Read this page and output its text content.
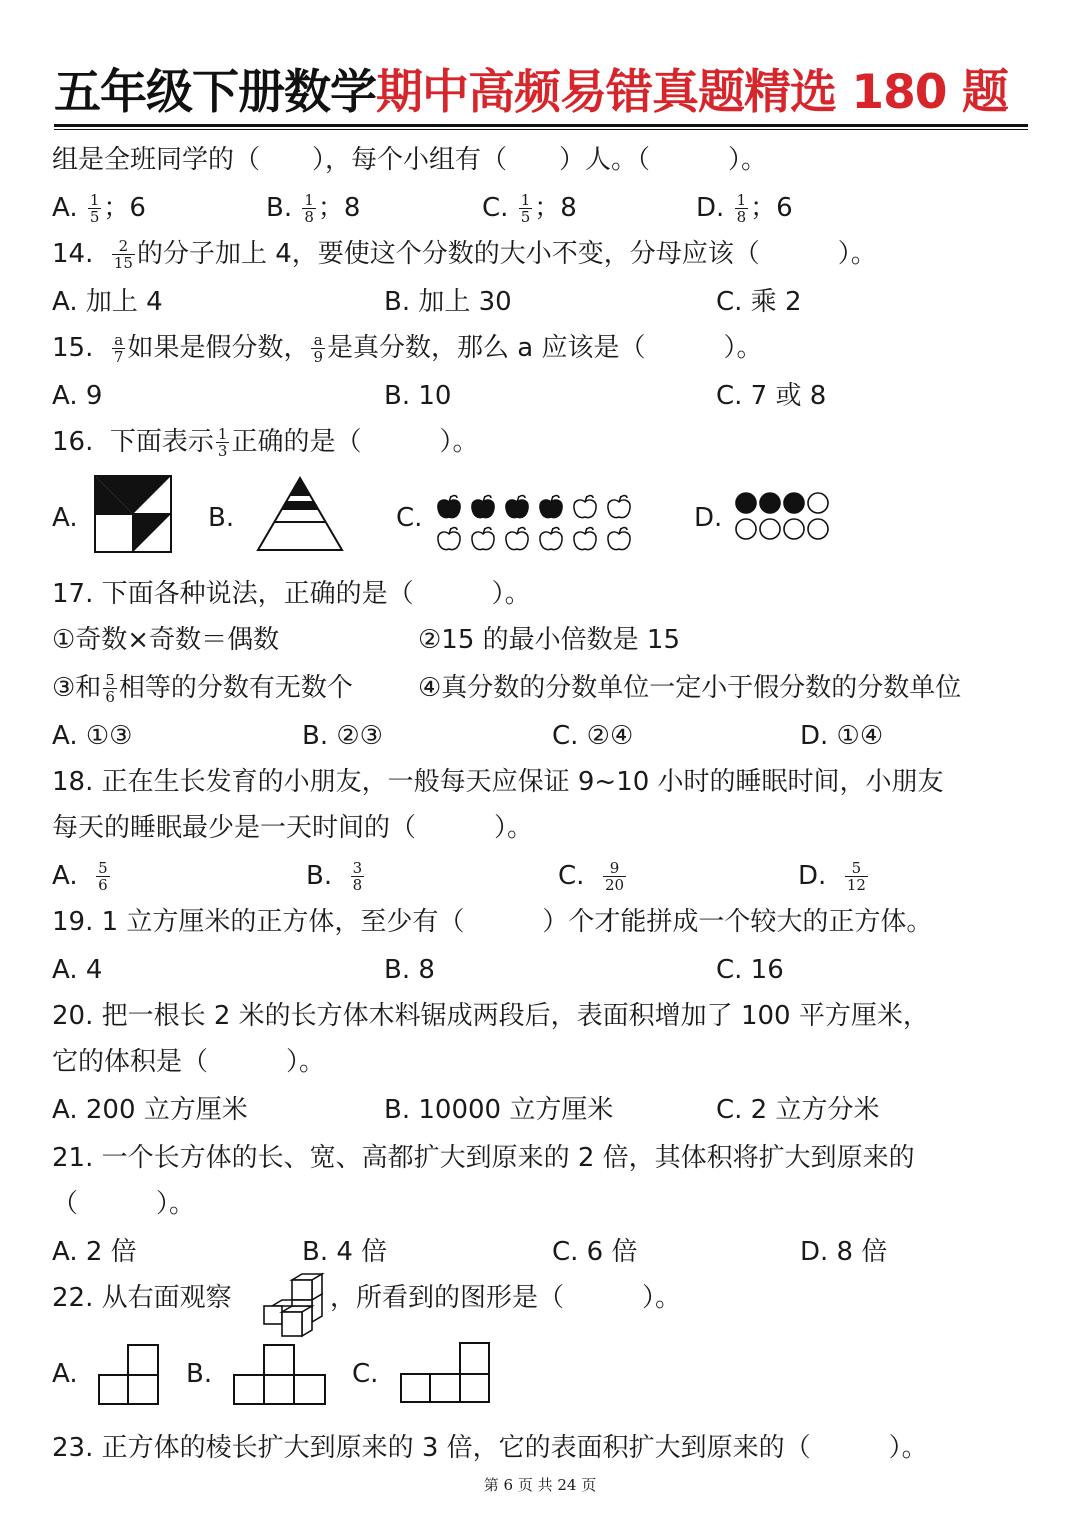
五年级下册数学期中高频易错真题精选 180 题
组是全班同学的（　　），每个小组有（　　）人。（　　　）。
A. $\frac{1}{5}$ ；6	B. $\frac{1}{8}$ ；8	C. $\frac{1}{5}$ ；8	D. $\frac{1}{8}$ ；6
14. $\frac{2}{15}$ 的分子加上 4，要使这个分数的大小不变，分母应该（　　　）。
A. 加上 4	B. 加上 30	C. 乘 2
15. $\frac{a}{7}$ 如果是假分数， $\frac{a}{9}$ 是真分数，那么 a 应该是（　　　）。
A. 9	B. 10	C. 7 或 8
16. 下面表示 $\frac{1}{3}$ 正确的是（　　　）。
A.	B.	C.	D.
17. 下面各种说法，正确的是（　　　）。
①奇数×奇数＝偶数	②15 的最小倍数是 15
③和 $\frac{5}{6}$ 相等的分数有无数个	④真分数的分数单位一定小于假分数的分数单位
A. ①③	B. ②③	C. ②④	D. ①④
18. 正在生长发育的小朋友，一般每天应保证 9~10 小时的睡眠时间，小朋友
每天的睡眠最少是一天时间的（　　　）。
A. $\frac{5}{6}$	B. $\frac{3}{8}$	C. $\frac{9}{20}$	D. $\frac{5}{12}$
19. 1 立方厘米的正方体，至少有（　　　）个才能拼成一个较大的正方体。
A. 4	B. 8	C. 16
20. 把一根长 2 米的长方体木料锯成两段后，表面积增加了 100 平方厘米，
它的体积是（　　　）。
A. 200 立方厘米	B. 10000 立方厘米	C. 2 立方分米
21. 一个长方体的长、宽、高都扩大到原来的 2 倍，其体积将扩大到原来的
（　　　）。
A. 2 倍	B. 4 倍	C. 6 倍	D. 8 倍
22. 从右面观察	，所看到的图形是（　　　）。
A.	B.	C.
23. 正方体的棱长扩大到原来的 3 倍，它的表面积扩大到原来的（　　　）。
第 6 页 共 24 页
